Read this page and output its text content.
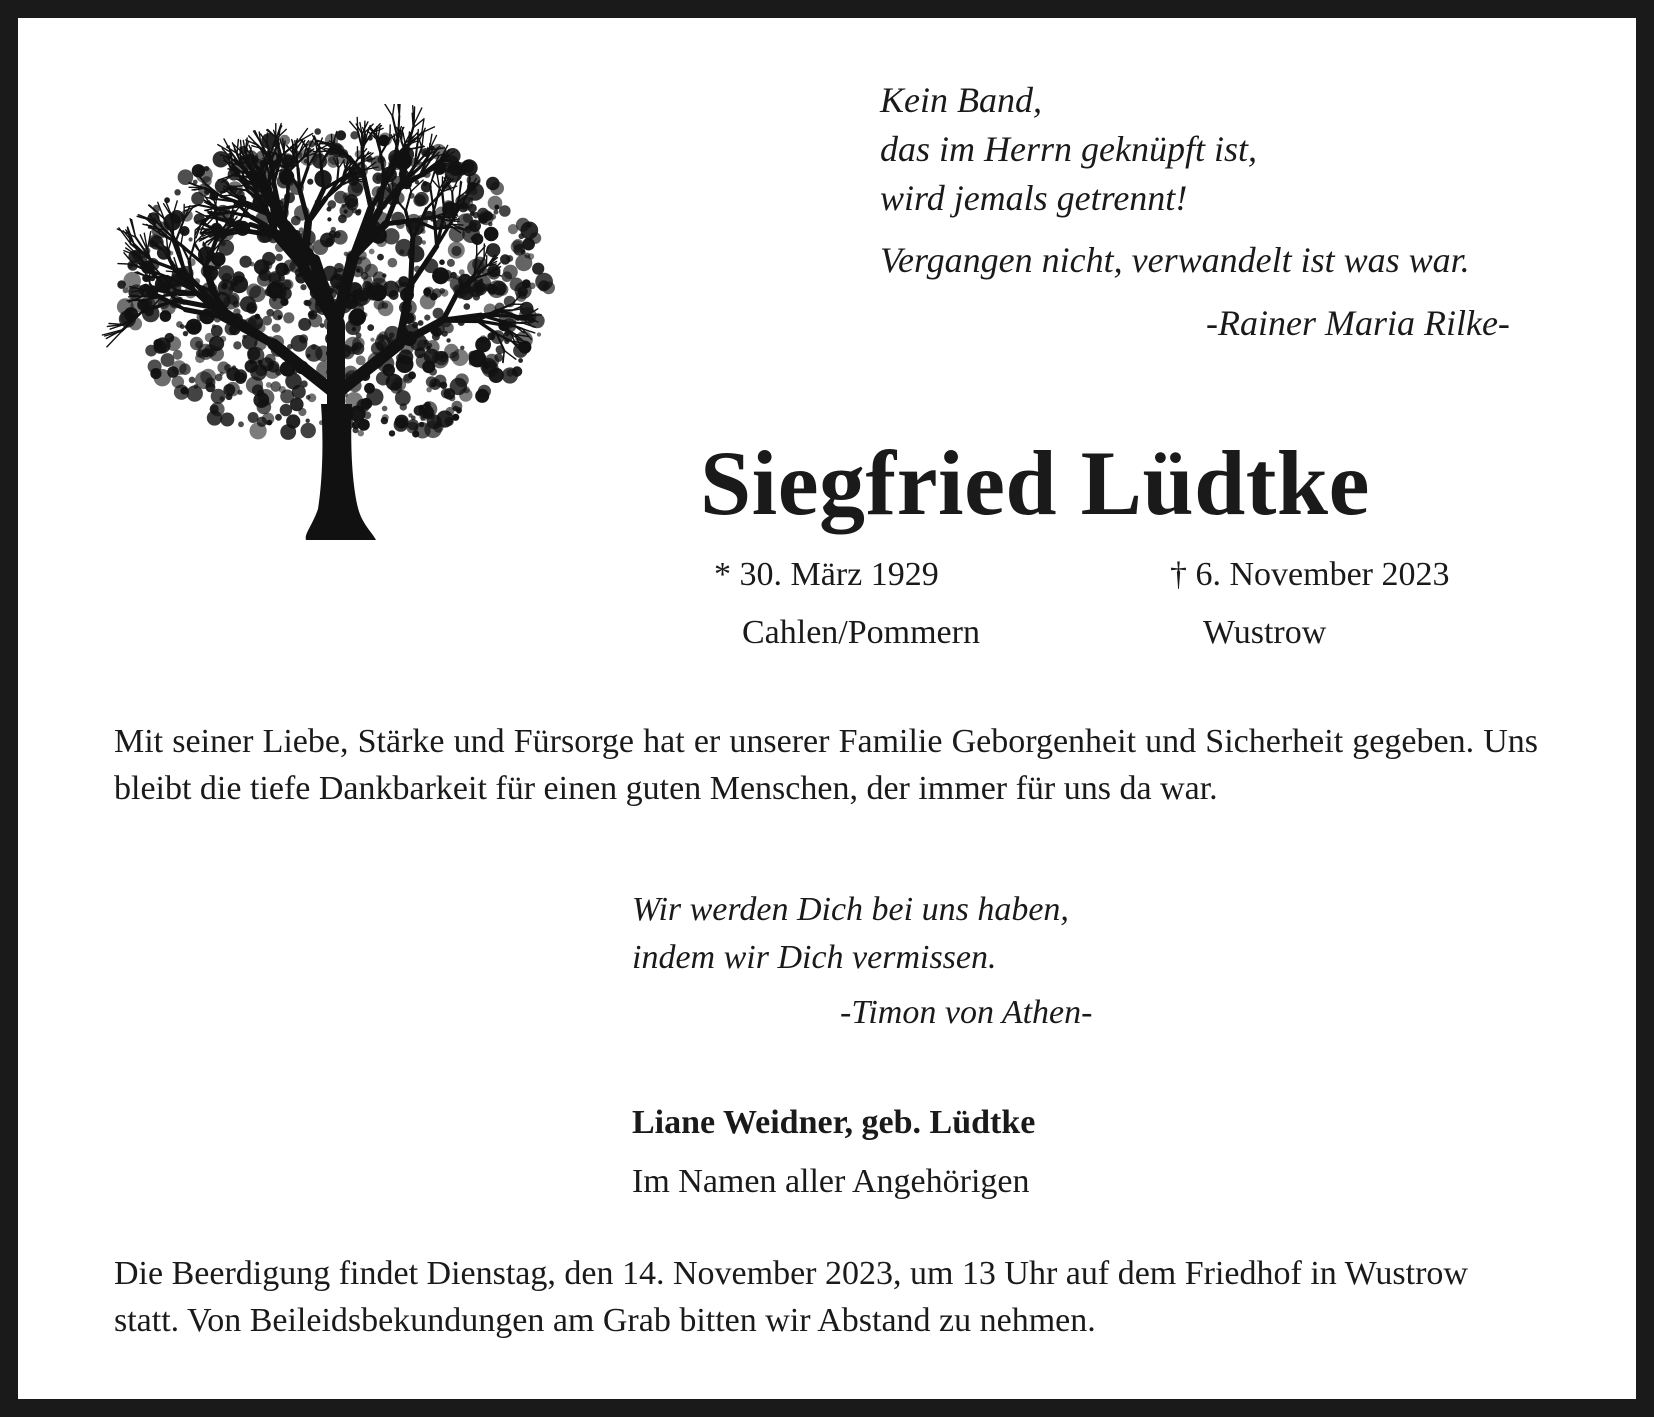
Kein Band,
das im Herrn geknüpft ist,
wird jemals getrennt!
Vergangen nicht, verwandelt ist was war.
-Rainer Maria Rilke-
Siegfried Lüdtke
* 30. März 1929
Cahlen/Pommern
† 6. November 2023
Wustrow
Mit seiner Liebe, Stärke und Fürsorge hat er unserer Familie Geborgenheit und Sicherheit gegeben. Uns bleibt die tiefe Dankbarkeit für einen guten Menschen, der immer für uns da war.
Wir werden Dich bei uns haben,
indem wir Dich vermissen.
-Timon von Athen-
Liane Weidner, geb. Lüdtke
Im Namen aller Angehörigen
Die Beerdigung findet Dienstag, den 14. November 2023, um 13 Uhr auf dem Friedhof in Wustrow statt. Von Beileidsbekundungen am Grab bitten wir Abstand zu nehmen.
